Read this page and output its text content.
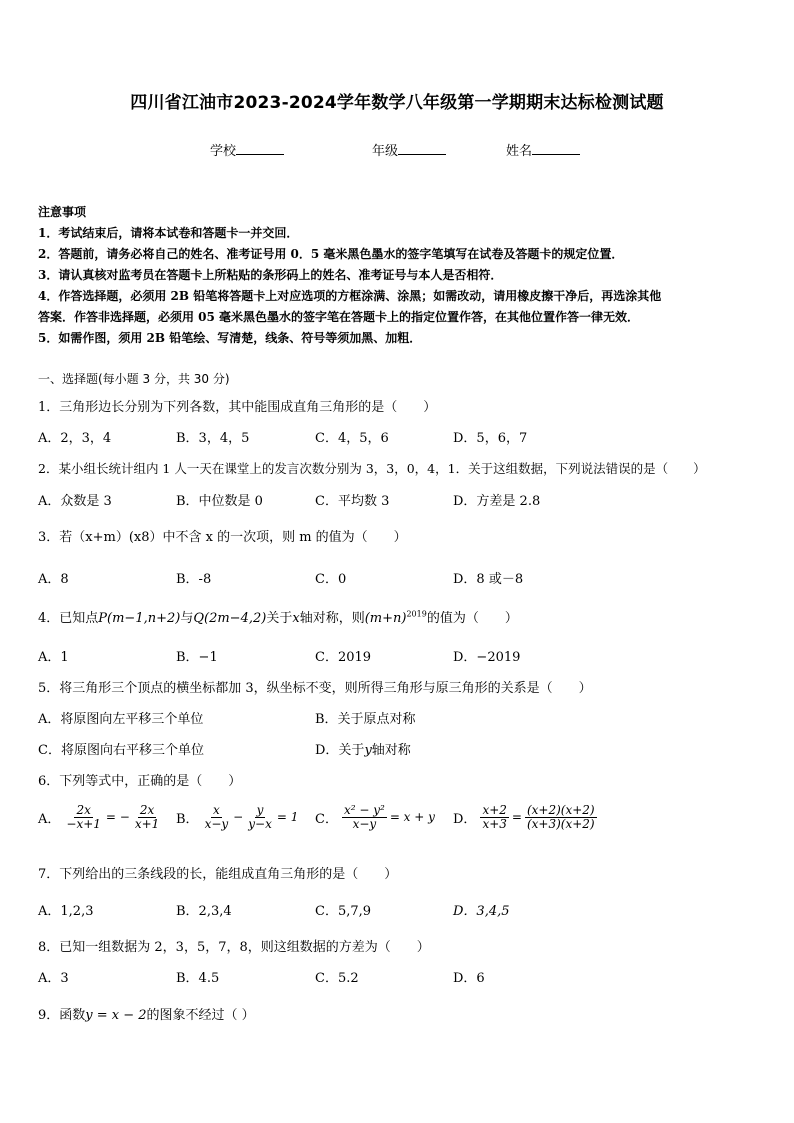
四川省江油市2023-2024学年数学八年级第一学期期末达标检测试题
学校	年级	姓名
注意事项
1．考试结束后，请将本试卷和答题卡一并交回．
2．答题前，请务必将自己的姓名、准考证号用 0．5 毫米黑色墨水的签字笔填写在试卷及答题卡的规定位置．
3．请认真核对监考员在答题卡上所粘贴的条形码上的姓名、准考证号与本人是否相符．
4．作答选择题，必须用 2B 铅笔将答题卡上对应选项的方框涂满、涂黑；如需改动，请用橡皮擦干净后，再选涂其他
答案．作答非选择题，必须用 05 毫米黑色墨水的签字笔在答题卡上的指定位置作答，在其他位置作答一律无效．
5．如需作图，须用 2B 铅笔绘、写清楚，线条、符号等须加黑、加粗．
一、选择题(每小题 3 分，共 30 分)
1．三角形边长分别为下列各数，其中能围成直角三角形的是（　　）
A．2，3，4	B．3，4，5	C．4，5，6	D．5，6，7
2．某小组长统计组内 1 人一天在课堂上的发言次数分别为 3，3，0，4，1．关于这组数据，下列说法错误的是（　　）
A．众数是 3	B．中位数是 0	C．平均数 3	D．方差是 2.8
3．若（x+m）(x8）中不含 x 的一次项，则 m 的值为（　　）
A．8	B．-8	C．0	D．8 或－8
4．已知点P(m−1,n+2)与Q(2m−4,2)关于x轴对称，则$(m+n)^{2019}$的值为（　　）
A．1	B．−1	C．2019	D．−2019
5．将三角形三个顶点的横坐标都加 3，纵坐标不变，则所得三角形与原三角形的关系是（　　）
A．将原图向左平移三个单位	B．关于原点对称
C．将原图向右平移三个单位	D．关于y轴对称
6．下列等式中，正确的是（　　）
A． $\frac{2x}{-x+1}$ = − $\frac{2x}{x+1}$ B． $\frac{x}{x-y} - \frac{y}{y-x} = 1$ C． $\frac{\text{x² − y²}}{x-y} = x + y$ D． $\frac{x+2}{x+3} = \frac{(x+2)(x+2)}{(x+3)(x+2)}$
7．下列给出的三条线段的长，能组成直角三角形的是（　　）
A．1,2,3	B．2,3,4	C．5,7,9	D．3,4,5
8．已知一组数据为 2，3，5，7，8，则这组数据的方差为（　　）
A．3	B．4.5	C．5.2	D．6
9．函数y = x − 2的图象不经过（ ）
